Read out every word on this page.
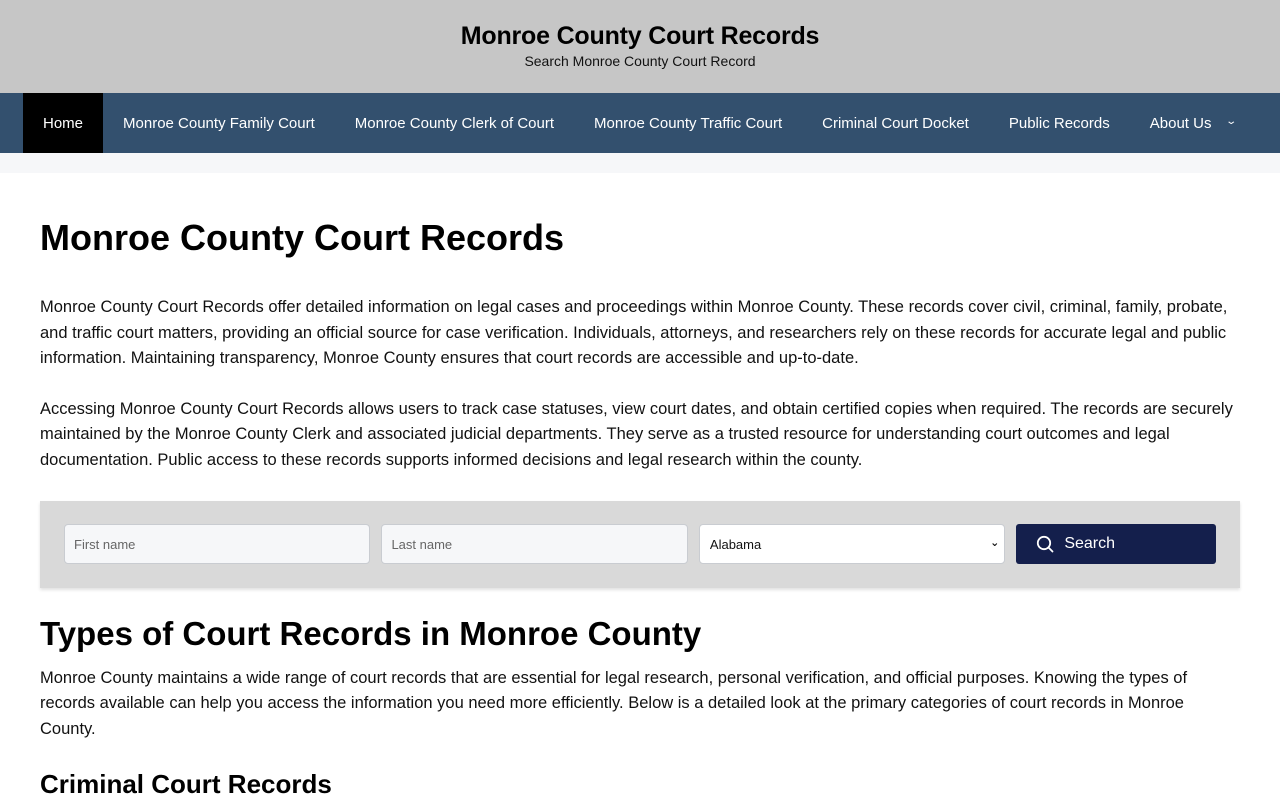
Monroe County Court Records
Search Monroe County Court Record
Home	Monroe County Family Court	Monroe County Clerk of Court	Monroe County Traffic Court	Criminal Court Docket	Public Records	About Us ⌄
Monroe County Court Records

Monroe County Court Records offer detailed information on legal cases and proceedings within Monroe County. These records cover civil, criminal, family, probate, and traffic court matters, providing an official source for case verification. Individuals, attorneys, and researchers rely on these records for accurate legal and public information. Maintaining transparency, Monroe County ensures that court records are accessible and up-to-date.

Accessing Monroe County Court Records allows users to track case statuses, view court dates, and obtain certified copies when required. The records are securely maintained by the Monroe County Clerk and associated judicial departments. They serve as a trusted resource for understanding court outcomes and legal documentation. Public access to these records supports informed decisions and legal research within the county.

First name
Last name
Alabama
⌄	Search
Types of Court Records in Monroe County

Monroe County maintains a wide range of court records that are essential for legal research, personal verification, and official purposes. Knowing the types of records available can help you access the information you need more efficiently. Below is a detailed look at the primary categories of court records in Monroe County.

Criminal Court Records
